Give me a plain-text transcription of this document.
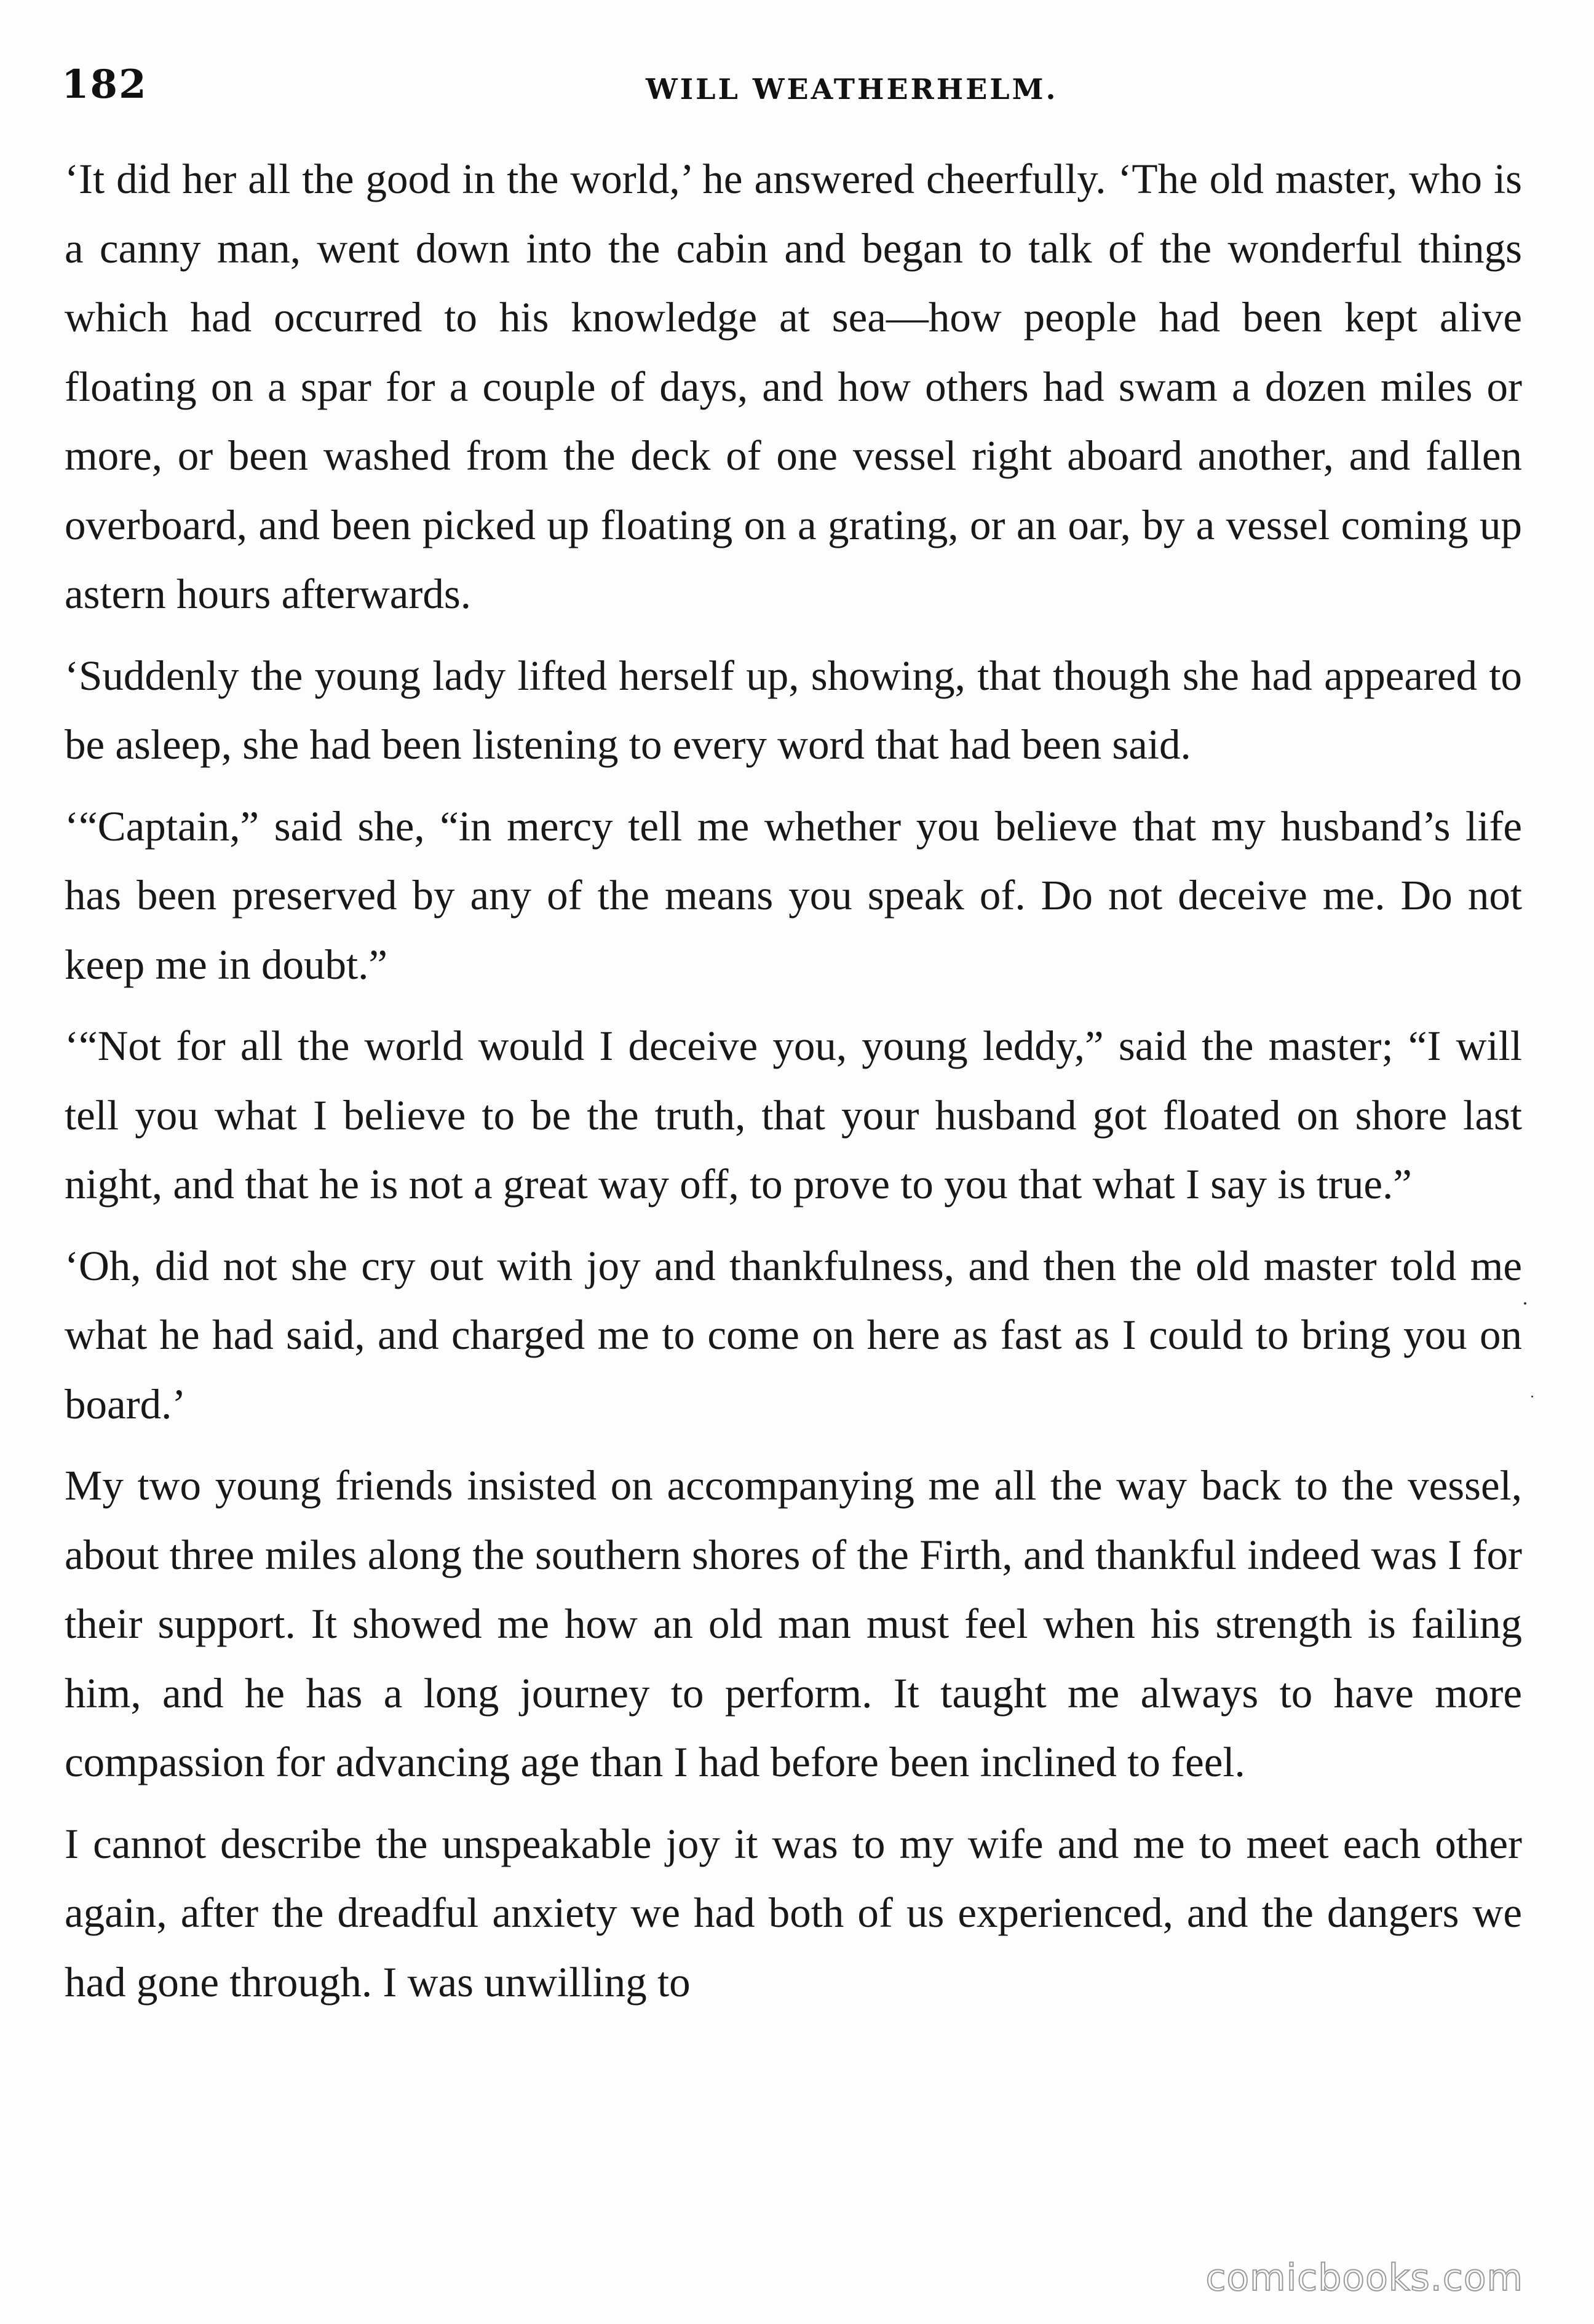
182	WILL WEATHERHELM.

‘It did her all the good in the world,’ he answered cheerfully. ‘The old master, who is a canny man, went down into the cabin and began to talk of the wonderful things which had occurred to his knowledge at sea—how people had been kept alive floating on a spar for a couple of days, and how others had swam a dozen miles or more, or been washed from the deck of one vessel right aboard another, and fallen overboard, and been picked up floating on a grating, or an oar, by a vessel coming up astern hours afterwards.

‘Suddenly the young lady lifted herself up, showing, that though she had appeared to be asleep, she had been listening to every word that had been said.

‘“Captain,” said she, “in mercy tell me whether you believe that my husband’s life has been preserved by any of the means you speak of. Do not deceive me. Do not keep me in doubt.”

‘“Not for all the world would I deceive you, young leddy,” said the master; “I will tell you what I believe to be the truth, that your husband got floated on shore last night, and that he is not a great way off, to prove to you that what I say is true.”

‘Oh, did not she cry out with joy and thankfulness, and then the old master told me what he had said, and charged me to come on here as fast as I could to bring you on board.’

My two young friends insisted on accompanying me all the way back to the vessel, about three miles along the southern shores of the Firth, and thankful indeed was I for their support. It showed me how an old man must feel when his strength is failing him, and he has a long journey to perform. It taught me always to have more compassion for advancing age than I had before been inclined to feel.

I cannot describe the unspeakable joy it was to my wife and me to meet each other again, after the dreadful anxiety we had both of us experienced, and the dangers we had gone through. I was unwilling to

comicbooks.com
